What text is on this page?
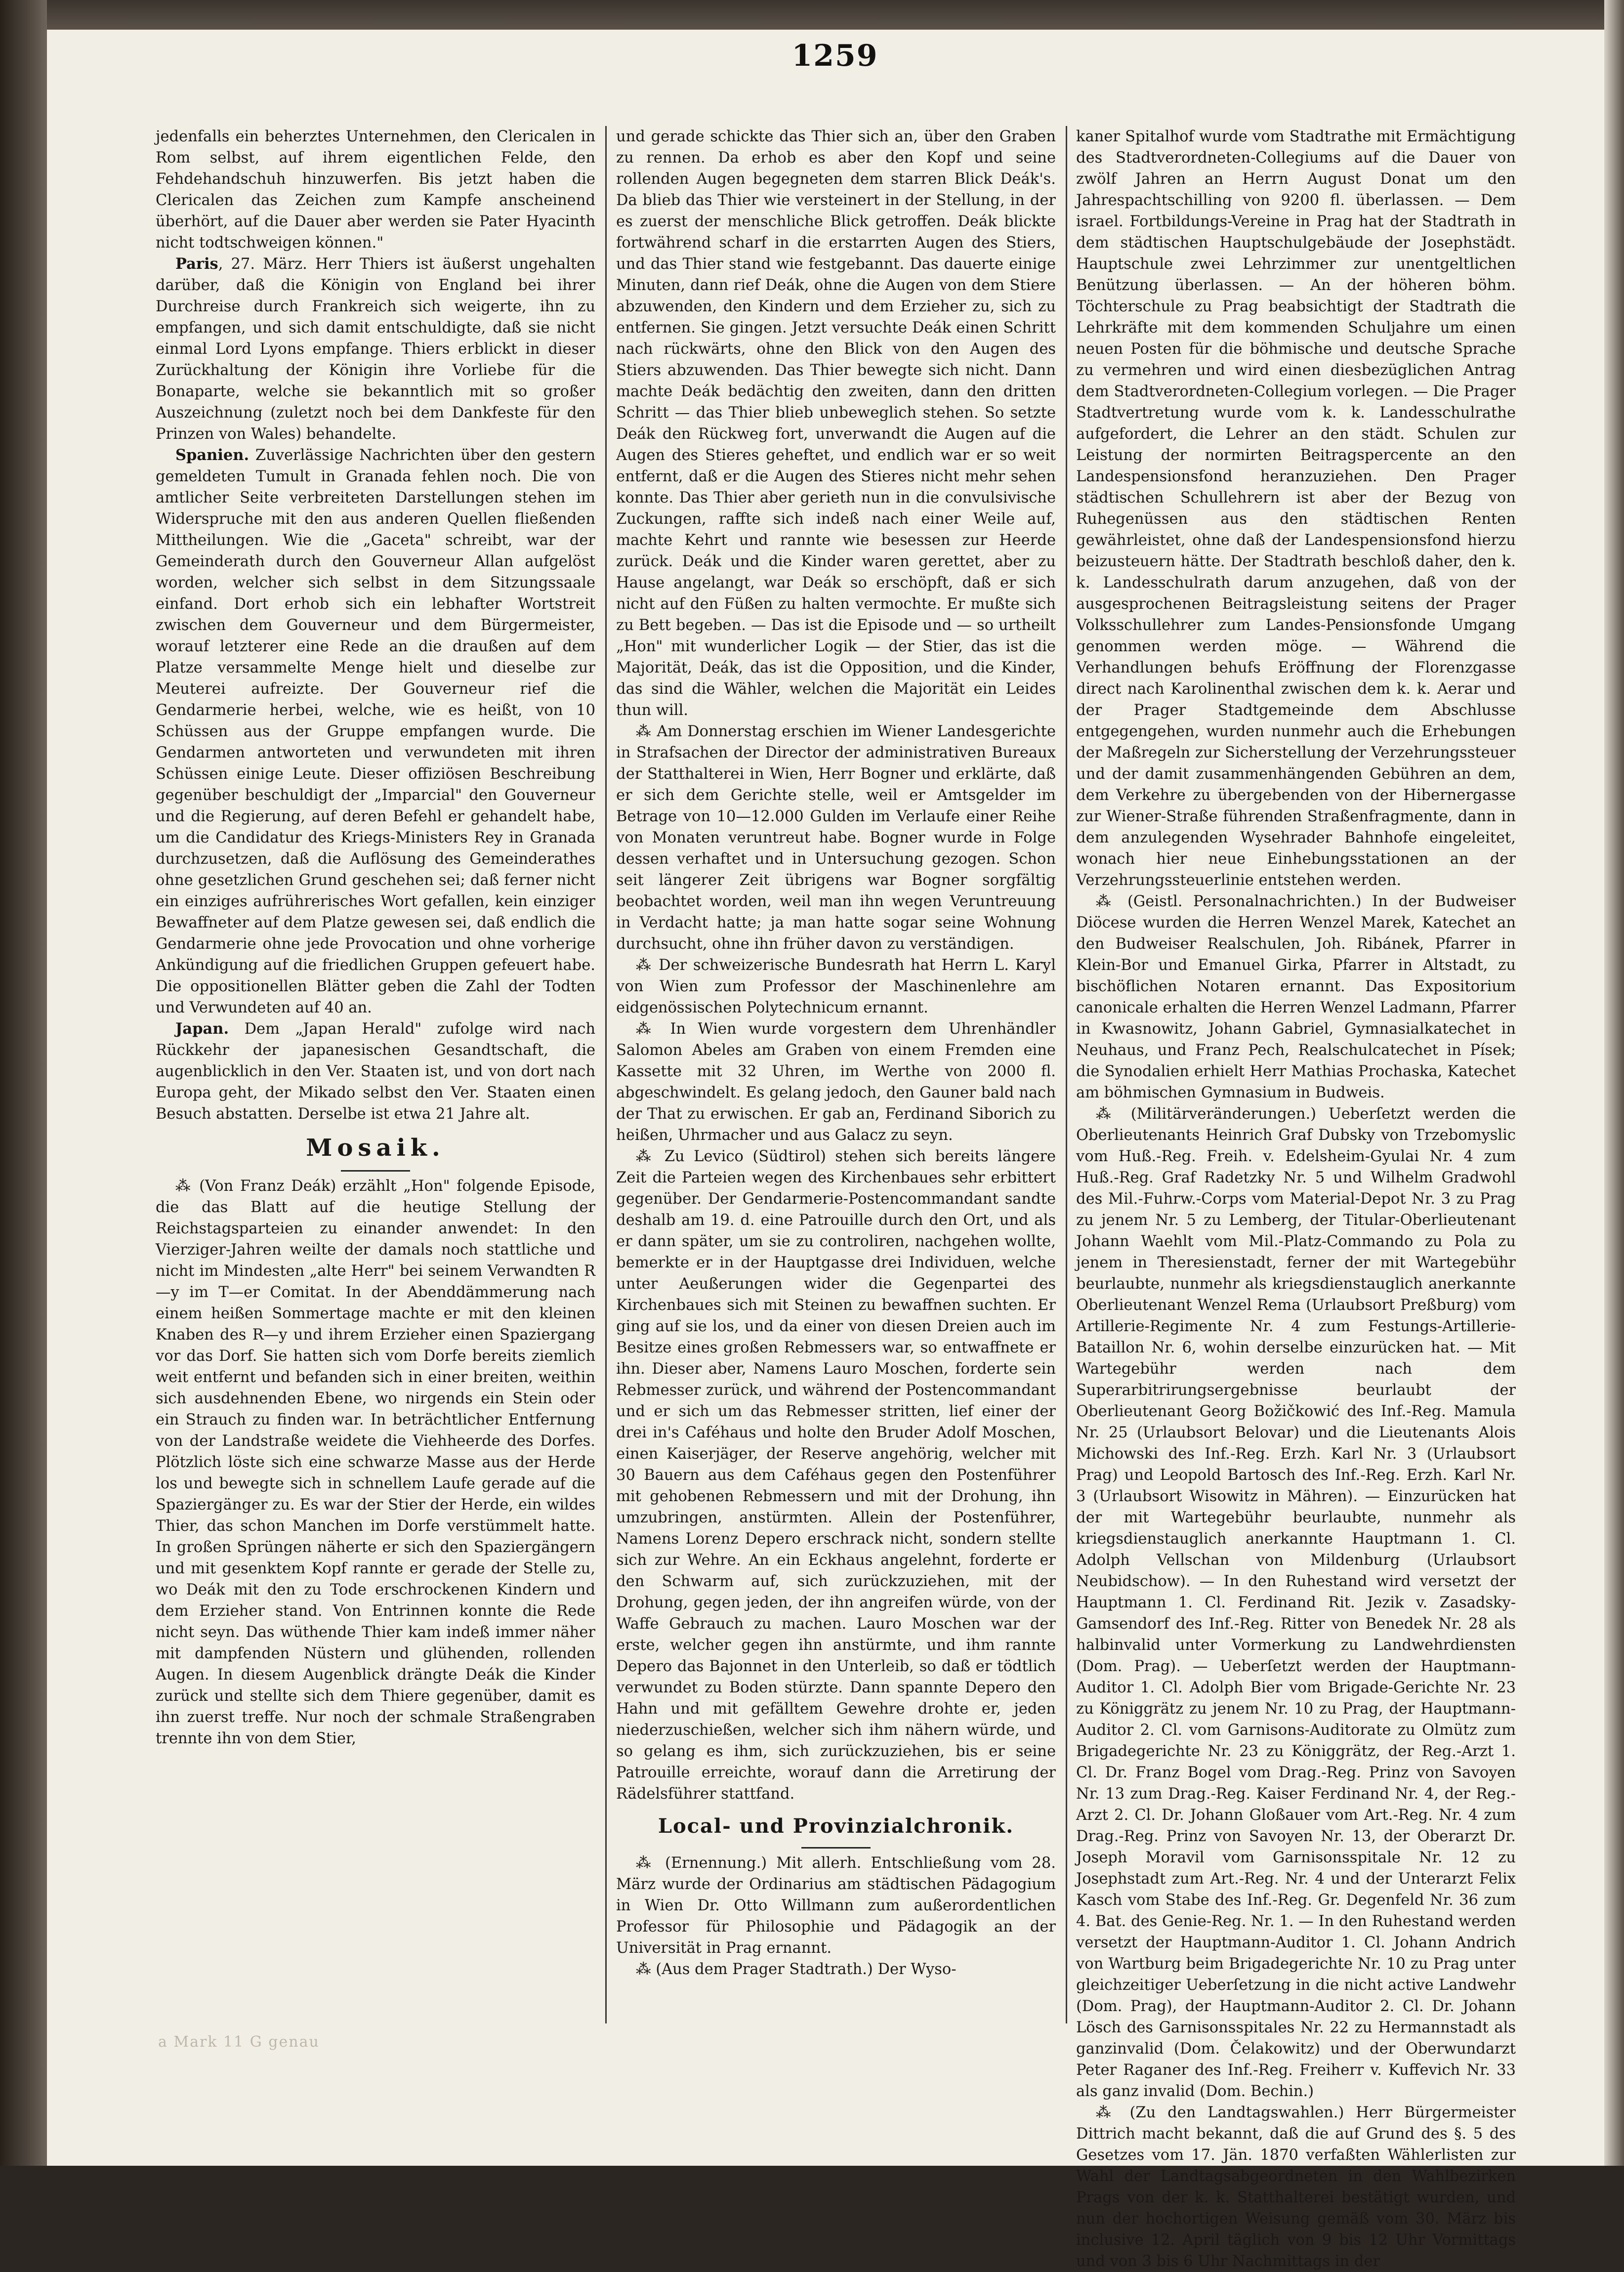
1259

jedenfalls ein beherztes Unternehmen, den Clericalen in Rom selbst, auf ihrem eigentlichen Felde, den Fehdehandschuh hinzuwerfen. Bis jetzt haben die Clericalen das Zeichen zum Kampfe anscheinend überhört, auf die Dauer aber werden sie Pater Hyacinth nicht todtschweigen können."

Paris, 27. März. Herr Thiers ist äußerst ungehalten darüber, daß die Königin von England bei ihrer Durchreise durch Frankreich sich weigerte, ihn zu empfangen, und sich damit entschuldigte, daß sie nicht einmal Lord Lyons empfange. Thiers erblickt in dieser Zurückhaltung der Königin ihre Vorliebe für die Bonaparte, welche sie bekanntlich mit so großer Auszeichnung (zuletzt noch bei dem Dankfeste für den Prinzen von Wales) behandelte.

Spanien. Zuverlässige Nachrichten über den gestern gemeldeten Tumult in Granada fehlen noch. Die von amtlicher Seite verbreiteten Darstellungen stehen im Widerspruche mit den aus anderen Quellen fließenden Mittheilungen. Wie die „Gaceta" schreibt, war der Gemeinderath durch den Gouverneur Allan aufgelöst worden, welcher sich selbst in dem Sitzungssaale einfand. Dort erhob sich ein lebhafter Wortstreit zwischen dem Gouverneur und dem Bürgermeister, worauf letzterer eine Rede an die draußen auf dem Platze versammelte Menge hielt und dieselbe zur Meuterei aufreizte. Der Gouverneur rief die Gendarmerie herbei, welche, wie es heißt, von 10 Schüssen aus der Gruppe empfangen wurde. Die Gendarmen antworteten und verwundeten mit ihren Schüssen einige Leute. Dieser offiziösen Beschreibung gegenüber beschuldigt der „Imparcial" den Gouverneur und die Regierung, auf deren Befehl er gehandelt habe, um die Candidatur des Kriegs-Ministers Rey in Granada durchzusetzen, daß die Auflösung des Gemeinderathes ohne gesetzlichen Grund geschehen sei; daß ferner nicht ein einziges aufrührerisches Wort gefallen, kein einziger Bewaffneter auf dem Platze gewesen sei, daß endlich die Gendarmerie ohne jede Provocation und ohne vorherige Ankündigung auf die friedlichen Gruppen gefeuert habe. Die oppositionellen Blätter geben die Zahl der Todten und Verwundeten auf 40 an.

Japan. Dem „Japan Herald" zufolge wird nach Rückkehr der japanesischen Gesandtschaft, die augenblicklich in den Ver. Staaten ist, und von dort nach Europa geht, der Mikado selbst den Ver. Staaten einen Besuch abstatten. Derselbe ist etwa 21 Jahre alt.

Mosaik.

⁂ (Von Franz Deák) erzählt „Hon" folgende Episode, die das Blatt auf die heutige Stellung der Reichstagsparteien zu einander anwendet: In den Vierziger-Jahren weilte der damals noch stattliche und nicht im Mindesten „alte Herr" bei seinem Verwandten R—y im T—er Comitat. In der Abenddämmerung nach einem heißen Sommertage machte er mit den kleinen Knaben des R—y und ihrem Erzieher einen Spaziergang vor das Dorf. Sie hatten sich vom Dorfe bereits ziemlich weit entfernt und befanden sich in einer breiten, weithin sich ausdehnenden Ebene, wo nirgends ein Stein oder ein Strauch zu finden war. In beträchtlicher Entfernung von der Landstraße weidete die Viehheerde des Dorfes. Plötzlich löste sich eine schwarze Masse aus der Herde los und bewegte sich in schnellem Laufe gerade auf die Spaziergänger zu. Es war der Stier der Herde, ein wildes Thier, das schon Manchen im Dorfe verstümmelt hatte. In großen Sprüngen näherte er sich den Spaziergängern und mit gesenktem Kopf rannte er gerade der Stelle zu, wo Deák mit den zu Tode erschrockenen Kindern und dem Erzieher stand. Von Entrinnen konnte die Rede nicht seyn. Das wüthende Thier kam indeß immer näher mit dampfenden Nüstern und glühenden, rollenden Augen. In diesem Augenblick drängte Deák die Kinder zurück und stellte sich dem Thiere gegenüber, damit es ihn zuerst treffe. Nur noch der schmale Straßengraben trennte ihn von dem Stier,

und gerade schickte das Thier sich an, über den Graben zu rennen. Da erhob es aber den Kopf und seine rollenden Augen begegneten dem starren Blick Deák's. Da blieb das Thier wie versteinert in der Stellung, in der es zuerst der menschliche Blick getroffen. Deák blickte fortwährend scharf in die erstarrten Augen des Stiers, und das Thier stand wie festgebannt. Das dauerte einige Minuten, dann rief Deák, ohne die Augen von dem Stiere abzuwenden, den Kindern und dem Erzieher zu, sich zu entfernen. Sie gingen. Jetzt versuchte Deák einen Schritt nach rückwärts, ohne den Blick von den Augen des Stiers abzuwenden. Das Thier bewegte sich nicht. Dann machte Deák bedächtig den zweiten, dann den dritten Schritt — das Thier blieb unbeweglich stehen. So setzte Deák den Rückweg fort, unverwandt die Augen auf die Augen des Stieres geheftet, und endlich war er so weit entfernt, daß er die Augen des Stieres nicht mehr sehen konnte. Das Thier aber gerieth nun in die convulsivische Zuckungen, raffte sich indeß nach einer Weile auf, machte Kehrt und rannte wie besessen zur Heerde zurück. Deák und die Kinder waren gerettet, aber zu Hause angelangt, war Deák so erschöpft, daß er sich nicht auf den Füßen zu halten vermochte. Er mußte sich zu Bett begeben. — Das ist die Episode und — so urtheilt „Hon" mit wunderlicher Logik — der Stier, das ist die Majorität, Deák, das ist die Opposition, und die Kinder, das sind die Wähler, welchen die Majorität ein Leides thun will.

⁂ Am Donnerstag erschien im Wiener Landesgerichte in Strafsachen der Director der administrativen Bureaux der Statthalterei in Wien, Herr Bogner und erklärte, daß er sich dem Gerichte stelle, weil er Amtsgelder im Betrage von 10—12.000 Gulden im Verlaufe einer Reihe von Monaten veruntreut habe. Bogner wurde in Folge dessen verhaftet und in Untersuchung gezogen. Schon seit längerer Zeit übrigens war Bogner sorgfältig beobachtet worden, weil man ihn wegen Veruntreuung in Verdacht hatte; ja man hatte sogar seine Wohnung durchsucht, ohne ihn früher davon zu verständigen.

⁂ Der schweizerische Bundesrath hat Herrn L. Karyl von Wien zum Professor der Maschinenlehre am eidgenössischen Polytechnicum ernannt.

⁂ In Wien wurde vorgestern dem Uhrenhändler Salomon Abeles am Graben von einem Fremden eine Kassette mit 32 Uhren, im Werthe von 2000 fl. abgeschwindelt. Es gelang jedoch, den Gauner bald nach der That zu erwischen. Er gab an, Ferdinand Siborich zu heißen, Uhrmacher und aus Galacz zu seyn.

⁂ Zu Levico (Südtirol) stehen sich bereits längere Zeit die Parteien wegen des Kirchenbaues sehr erbittert gegenüber. Der Gendarmerie-Postencommandant sandte deshalb am 19. d. eine Patrouille durch den Ort, und als er dann später, um sie zu controliren, nachgehen wollte, bemerkte er in der Hauptgasse drei Individuen, welche unter Aeußerungen wider die Gegenpartei des Kirchenbaues sich mit Steinen zu bewaffnen suchten. Er ging auf sie los, und da einer von diesen Dreien auch im Besitze eines großen Rebmessers war, so entwaffnete er ihn. Dieser aber, Namens Lauro Moschen, forderte sein Rebmesser zurück, und während der Postencommandant und er sich um das Rebmesser stritten, lief einer der drei in's Caféhaus und holte den Bruder Adolf Moschen, einen Kaiserjäger, der Reserve angehörig, welcher mit 30 Bauern aus dem Caféhaus gegen den Postenführer mit gehobenen Rebmessern und mit der Drohung, ihn umzubringen, anstürmten. Allein der Postenführer, Namens Lorenz Depero erschrack nicht, sondern stellte sich zur Wehre. An ein Eckhaus angelehnt, forderte er den Schwarm auf, sich zurückzuziehen, mit der Drohung, gegen jeden, der ihn angreifen würde, von der Waffe Gebrauch zu machen. Lauro Moschen war der erste, welcher gegen ihn anstürmte, und ihm rannte Depero das Bajonnet in den Unterleib, so daß er tödtlich verwundet zu Boden stürzte. Dann spannte Depero den Hahn und mit gefälltem Gewehre drohte er, jeden niederzuschießen, welcher sich ihm nähern würde, und so gelang es ihm, sich zurückzuziehen, bis er seine Patrouille erreichte, worauf dann die Arretirung der Rädelsführer stattfand.

Local- und Provinzialchronik.

⁂ (Ernennung.) Mit allerh. Entschließung vom 28. März wurde der Ordinarius am städtischen Pädagogium in Wien Dr. Otto Willmann zum außerordentlichen Professor für Philosophie und Pädagogik an der Universität in Prag ernannt.

⁂ (Aus dem Prager Stadtrath.) Der Wyso-

kaner Spitalhof wurde vom Stadtrathe mit Ermächtigung des Stadtverordneten-Collegiums auf die Dauer von zwölf Jahren an Herrn August Donat um den Jahrespachtschilling von 9200 fl. überlassen. — Dem israel. Fortbildungs-Vereine in Prag hat der Stadtrath in dem städtischen Hauptschulgebäude der Josephstädt. Hauptschule zwei Lehrzimmer zur unentgeltlichen Benützung überlassen. — An der höheren böhm. Töchterschule zu Prag beabsichtigt der Stadtrath die Lehrkräfte mit dem kommenden Schuljahre um einen neuen Posten für die böhmische und deutsche Sprache zu vermehren und wird einen diesbezüglichen Antrag dem Stadtverordneten-Collegium vorlegen. — Die Prager Stadtvertretung wurde vom k. k. Landesschulrathe aufgefordert, die Lehrer an den städt. Schulen zur Leistung der normirten Beitragspercente an den Landespensionsfond heranzuziehen. Den Prager städtischen Schullehrern ist aber der Bezug von Ruhegenüssen aus den städtischen Renten gewährleistet, ohne daß der Landespensionsfond hierzu beizusteuern hätte. Der Stadtrath beschloß daher, den k. k. Landesschulrath darum anzugehen, daß von der ausgesprochenen Beitragsleistung seitens der Prager Volksschullehrer zum Landes-Pensionsfonde Umgang genommen werden möge. — Während die Verhandlungen behufs Eröffnung der Florenzgasse direct nach Karolinenthal zwischen dem k. k. Aerar und der Prager Stadtgemeinde dem Abschlusse entgegengehen, wurden nunmehr auch die Erhebungen der Maßregeln zur Sicherstellung der Verzehrungssteuer und der damit zusammenhängenden Gebühren an dem, dem Verkehre zu übergebenden von der Hibernergasse zur Wiener-Straße führenden Straßenfragmente, dann in dem anzulegenden Wysehrader Bahnhofe eingeleitet, wonach hier neue Einhebungsstationen an der Verzehrungssteuerlinie entstehen werden.

⁂ (Geistl. Personalnachrichten.) In der Budweiser Diöcese wurden die Herren Wenzel Marek, Katechet an den Budweiser Realschulen, Joh. Ribánek, Pfarrer in Klein-Bor und Emanuel Girka, Pfarrer in Altstadt, zu bischöflichen Notaren ernannt. Das Expositorium canonicale erhalten die Herren Wenzel Ladmann, Pfarrer in Kwasnowitz, Johann Gabriel, Gymnasialkatechet in Neuhaus, und Franz Pech, Realschulcatechet in Písek; die Synodalien erhielt Herr Mathias Prochaska, Katechet am böhmischen Gymnasium in Budweis.

⁂ (Militärveränderungen.) Ueberſetzt werden die Oberlieutenants Heinrich Graf Dubsky von Trzebomyslic vom Huß.-Reg. Freih. v. Edelsheim-Gyulai Nr. 4 zum Huß.-Reg. Graf Radetzky Nr. 5 und Wilhelm Gradwohl des Mil.-Fuhrw.-Corps vom Material-Depot Nr. 3 zu Prag zu jenem Nr. 5 zu Lemberg, der Titular-Oberlieutenant Johann Waehlt vom Mil.-Platz-Commando zu Pola zu jenem in Theresienstadt, ferner der mit Wartegebühr beurlaubte, nunmehr als kriegsdienstauglich anerkannte Oberlieutenant Wenzel Rema (Urlaubsort Preßburg) vom Artillerie-Regimente Nr. 4 zum Festungs-Artillerie-Bataillon Nr. 6, wohin derselbe einzurücken hat. — Mit Wartegebühr werden nach dem Superarbitrirungsergebnisse beurlaubt der Oberlieutenant Georg Božičkowić des Inf.-Reg. Mamula Nr. 25 (Urlaubsort Belovar) und die Lieutenants Alois Michowski des Inf.-Reg. Erzh. Karl Nr. 3 (Urlaubsort Prag) und Leopold Bartosch des Inf.-Reg. Erzh. Karl Nr. 3 (Urlaubsort Wisowitz in Mähren). — Einzurücken hat der mit Wartegebühr beurlaubte, nunmehr als kriegsdienstauglich anerkannte Hauptmann 1. Cl. Adolph Vellschan von Mildenburg (Urlaubsort Neubidschow). — In den Ruhestand wird versetzt der Hauptmann 1. Cl. Ferdinand Rit. Jezik v. Zasadsky-Gamsendorf des Inf.-Reg. Ritter von Benedek Nr. 28 als halbinvalid unter Vormerkung zu Landwehrdiensten (Dom. Prag). — Ueberſetzt werden der Hauptmann-Auditor 1. Cl. Adolph Bier vom Brigade-Gerichte Nr. 23 zu Königgrätz zu jenem Nr. 10 zu Prag, der Hauptmann-Auditor 2. Cl. vom Garnisons-Auditorate zu Olmütz zum Brigadegerichte Nr. 23 zu Königgrätz, der Reg.-Arzt 1. Cl. Dr. Franz Bogel vom Drag.-Reg. Prinz von Savoyen Nr. 13 zum Drag.-Reg. Kaiser Ferdinand Nr. 4, der Reg.-Arzt 2. Cl. Dr. Johann Gloßauer vom Art.-Reg. Nr. 4 zum Drag.-Reg. Prinz von Savoyen Nr. 13, der Oberarzt Dr. Joseph Moravil vom Garnisonsspitale Nr. 12 zu Josephstadt zum Art.-Reg. Nr. 4 und der Unterarzt Felix Kasch vom Stabe des Inf.-Reg. Gr. Degenfeld Nr. 36 zum 4. Bat. des Genie-Reg. Nr. 1. — In den Ruhestand werden versetzt der Hauptmann-Auditor 1. Cl. Johann Andrich von Wartburg beim Brigadegerichte Nr. 10 zu Prag unter gleichzeitiger Ueberſetzung in die nicht active Landwehr (Dom. Prag), der Hauptmann-Auditor 2. Cl. Dr. Johann Lösch des Garnisonsspitales Nr. 22 zu Hermannstadt als ganzinvalid (Dom. Čelakowitz) und der Oberwundarzt Peter Raganer des Inf.-Reg. Freiherr v. Kuffevich Nr. 33 als ganz invalid (Dom. Bechin.)

⁂ (Zu den Landtagswahlen.) Herr Bürgermeister Dittrich macht bekannt, daß die auf Grund des §. 5 des Gesetzes vom 17. Jän. 1870 verfaßten Wählerlisten zur Wahl der Landtagsabgeordneten in den Wahlbezirken Prags von der k. k. Statthalterei bestätigt wurden, und nun der hochortigen Weisung gemäß vom 30. März bis inclusive 12. April täglich von 9 bis 12 Uhr Vormittags und von 3 bis 6 Uhr Nachmittags in der

a Mark 11 G genau
